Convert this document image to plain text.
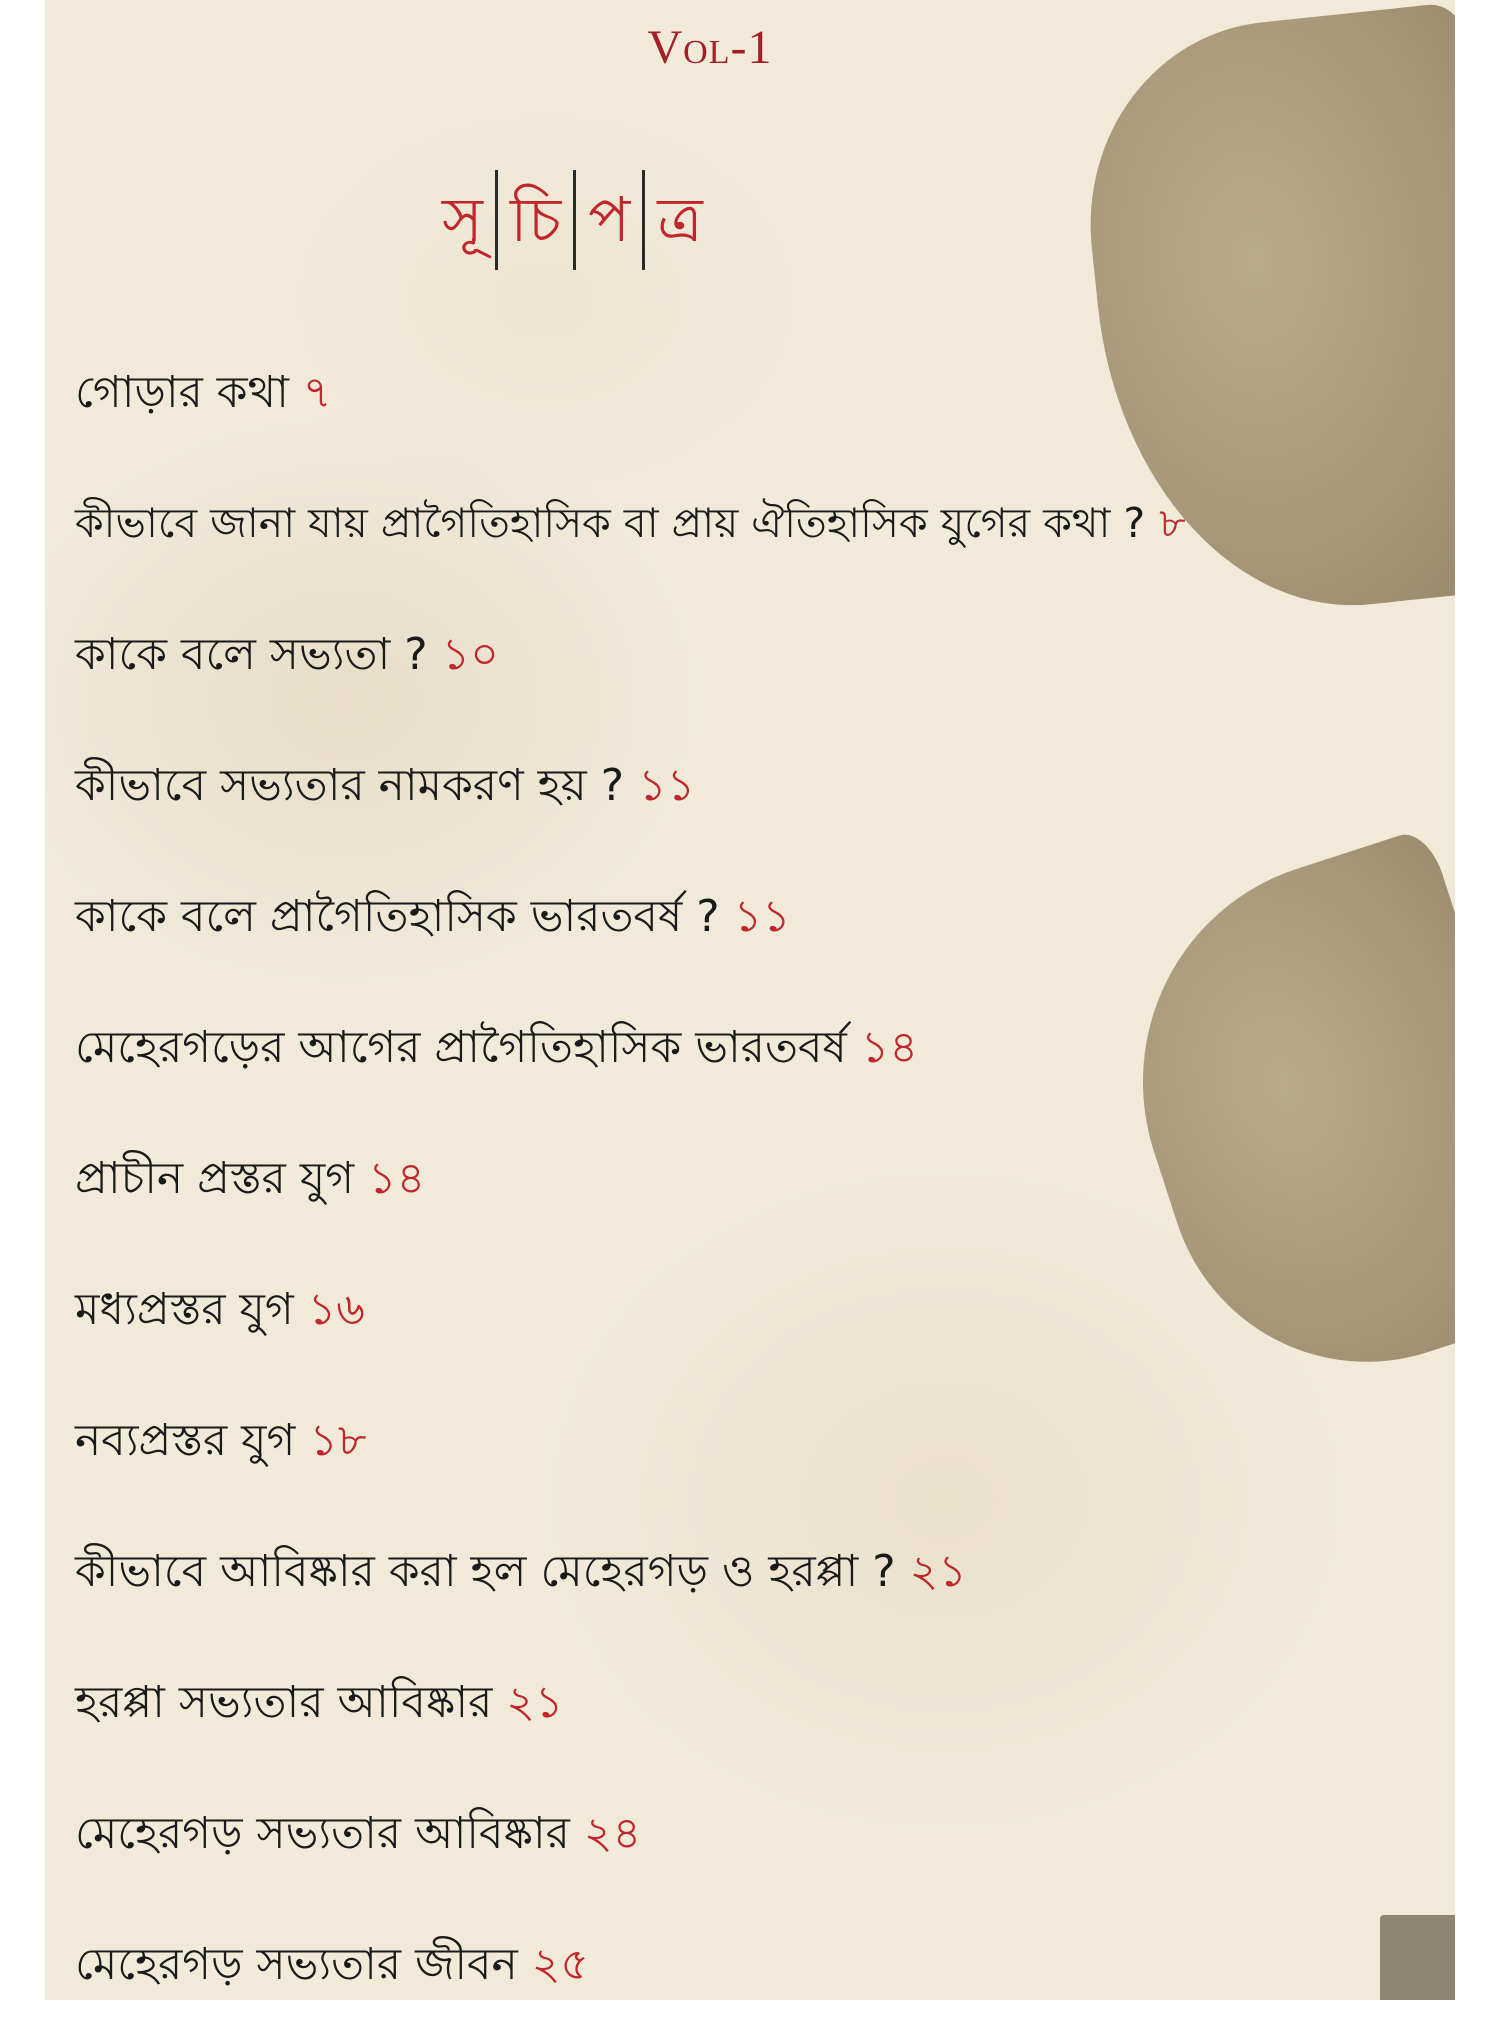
Vol-1
সূ চি প ত্র
গোড়ার কথা ৭
কীভাবে জানা যায় প্রাগৈতিহাসিক বা প্রায় ঐতিহাসিক যুগের কথা ? ৮
কাকে বলে সভ্যতা ? ১০
কীভাবে সভ্যতার নামকরণ হয় ? ১১
কাকে বলে প্রাগৈতিহাসিক ভারতবর্ষ ? ১১
মেহেরগড়ের আগের প্রাগৈতিহাসিক ভারতবর্ষ ১৪
প্রাচীন প্রস্তর যুগ ১৪
মধ্যপ্রস্তর যুগ ১৬
নব্যপ্রস্তর যুগ ১৮
কীভাবে আবিষ্কার করা হল মেহেরগড় ও হরপ্পা ? ২১
হরপ্পা সভ্যতার আবিষ্কার ২১
মেহেরগড় সভ্যতার আবিষ্কার ২৪
মেহেরগড় সভ্যতার জীবন ২৫
